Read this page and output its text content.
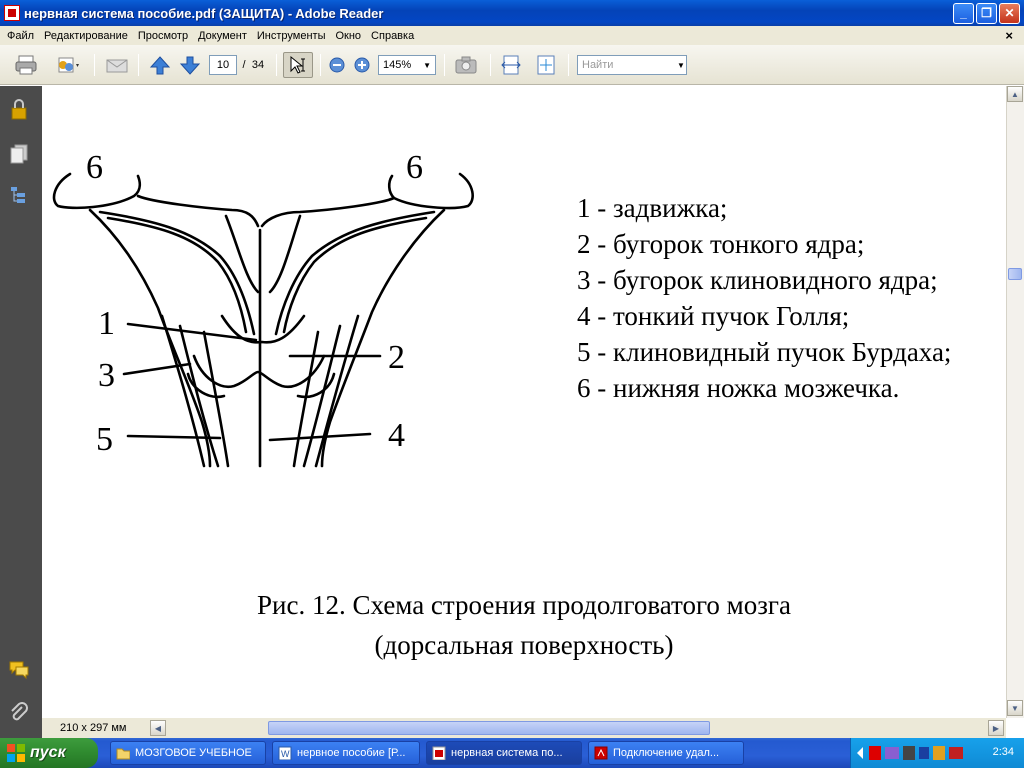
нервная система пособие.pdf (ЗАЩИТА) - Adobe Reader	_	❐	✕
Файл Редактирование Просмотр Документ Инструменты Окно Справка	×
10	/ 34	145% ▼	Найти	▼
6	6
1
3
5
2
4
1 - задвижка;
2 - бугорок тонкого ядра;
3 - бугорок клиновидного ядра;
4 - тонкий пучок Голля;
5 - клиновидный пучок Бурдаха;
6 - нижняя ножка мозжечка.
Рис. 12. Схема строения продолговатого мозга
(дорсальная поверхность)
▲
▼
210 x 297 мм	◀	▶
пуск	МОЗГОВОЕ УЧЕБНОЕ	W нервное пособие [Р...	нервная система по...	Подключение удал...	2:34
